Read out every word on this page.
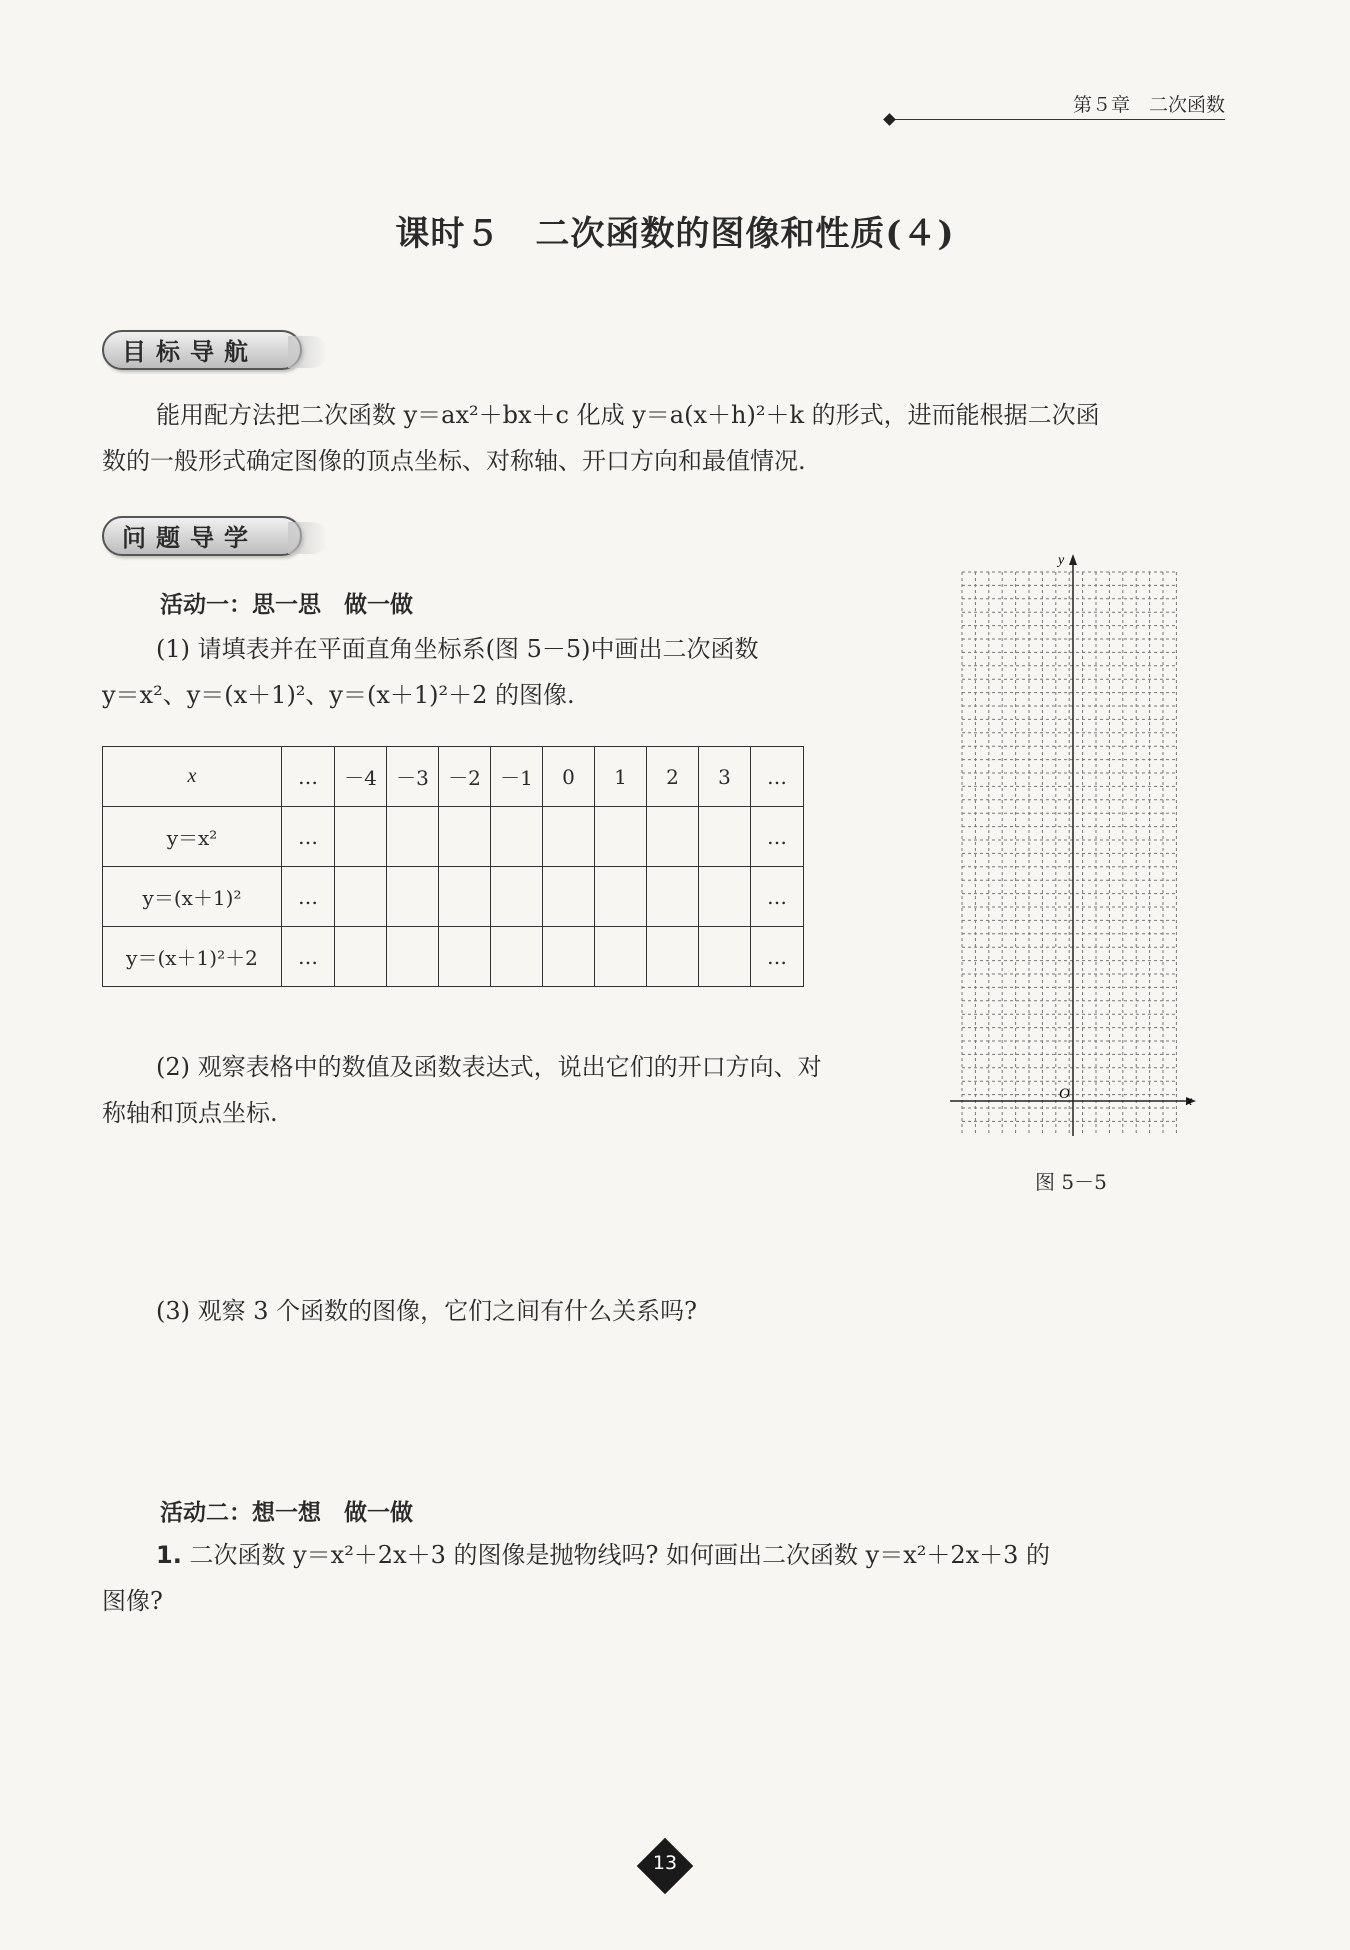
第５章　二次函数
课时５　二次函数的图像和性质(４)
目标导航
能用配方法把二次函数 y＝ax²＋bx＋c 化成 y＝a(x＋h)²＋k 的形式，进而能根据二次函
数的一般形式确定图像的顶点坐标、对称轴、开口方向和最值情况.
问题导学
活动一：思一思　做一做
(1) 请填表并在平面直角坐标系(图 5－5)中画出二次函数
y＝x²、y＝(x＋1)²、y＝(x＋1)²＋2 的图像.
x	…	－4	－3	－2	－1	0	1	2	3	…
y＝x²	…									…
y＝(x＋1)²	…									…
y＝(x＋1)²＋2	…									…
(2) 观察表格中的数值及函数表达式，说出它们的开口方向、对
称轴和顶点坐标.
y
x
O
图 5－5
(3) 观察 3 个函数的图像，它们之间有什么关系吗?
活动二：想一想　做一做
1. 二次函数 y＝x²＋2x＋3 的图像是抛物线吗? 如何画出二次函数 y＝x²＋2x＋3 的
图像?
13
